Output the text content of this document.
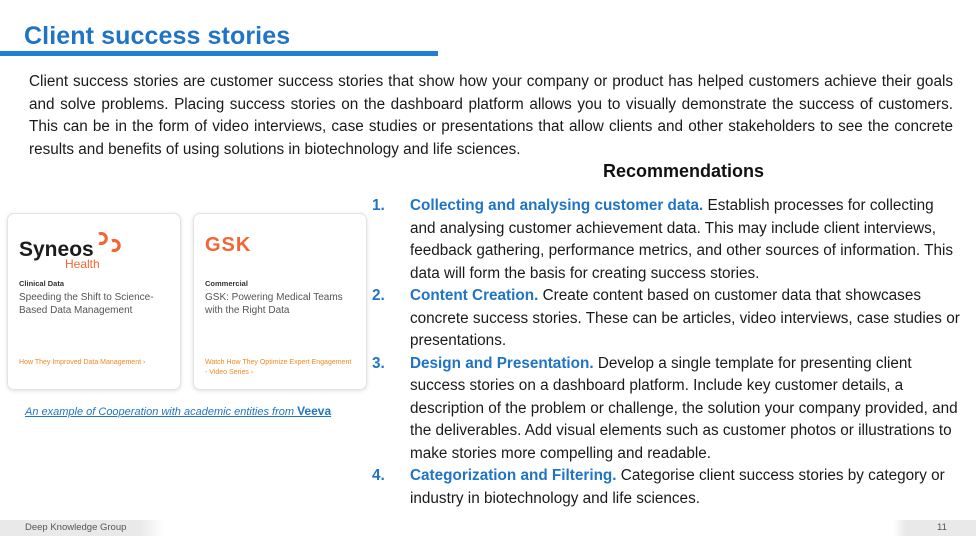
Client success stories
Client success stories are customer success stories that show how your company or product has helped customers achieve their goals and solve problems. Placing success stories on the dashboard platform allows you to visually demonstrate the success of customers. This can be in the form of video interviews, case studies or presentations that allow clients and other stakeholders to see the concrete results and benefits of using solutions in biotechnology and life sciences.
Recommendations
1. Collecting and analysing customer data. Establish processes for collecting and analysing customer achievement data. This may include client interviews, feedback gathering, performance metrics, and other sources of information. This data will form the basis for creating success stories.
2. Content Creation. Create content based on customer data that showcases concrete success stories. These can be articles, video interviews, case studies or presentations.
3. Design and Presentation. Develop a single template for presenting client success stories on a dashboard platform. Include key customer details, a description of the problem or challenge, the solution your company provided, and the deliverables. Add visual elements such as customer photos or illustrations to make stories more compelling and readable.
4. Categorization and Filtering. Categorise client success stories by category or industry in biotechnology and life sciences.
Syneos
Health
Clinical Data
Speeding the Shift to Science-Based Data Management
How They Improved Data Management ›
GSK
Commercial
GSK: Powering Medical Teams with the Right Data
Watch How They Optimize Expert Engagement - Video Series ›
An example of Cooperation with academic entities from Veeva
Deep Knowledge Group	11
